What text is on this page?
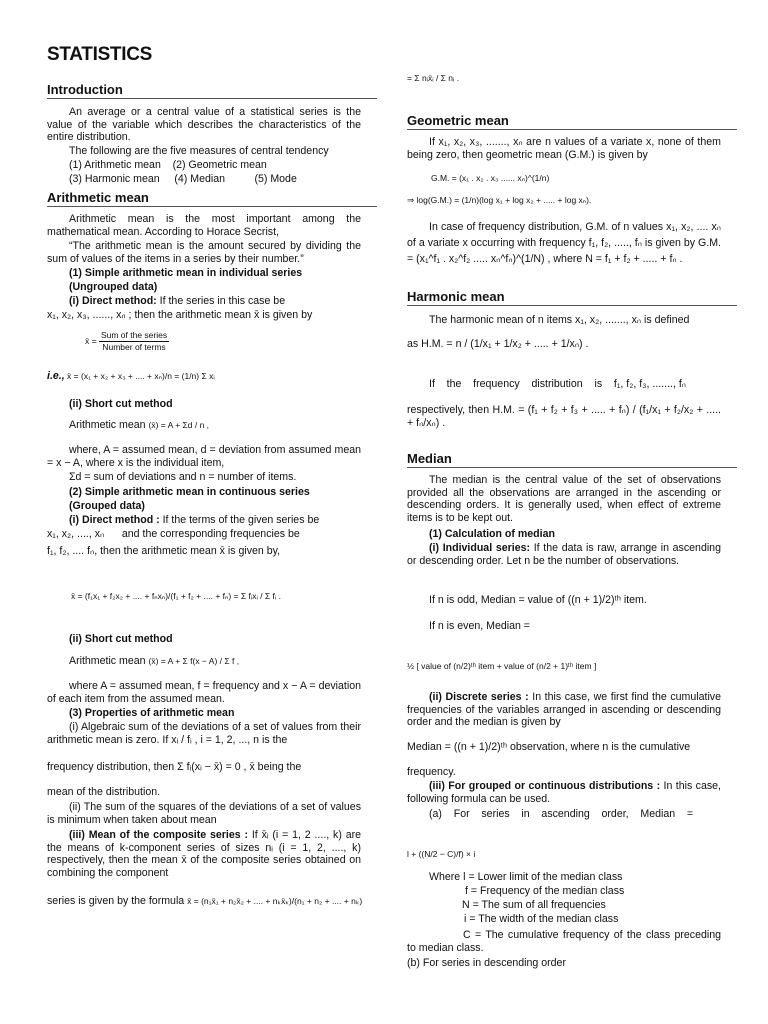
STATISTICS
Introduction
An average or a central value of a statistical series is the value of the variable which describes the characteristics of the entire distribution.
The following are the five measures of central tendency
(1) Arithmetic mean    (2) Geometric mean
(3) Harmonic mean     (4) Median          (5) Mode
Arithmetic mean
Arithmetic mean is the most important among the mathematical mean. According to Horace Secrist,
“The arithmetic mean is the amount secured by dividing the sum of values of the items in a series by their number.”
(1) Simple arithmetic mean in individual series
(Ungrouped data)
(i) Direct method: If the series in this case be
x₁, x₂, x₃, ......, xₙ ; then the arithmetic mean x̄ is given by
x̄ = $\frac{\text{Sum of the series}}{\text{Number of terms}}$
i.e., x̄ = (x₁ + x₂ + x₃ + .... + xₙ)/n = (1/n) Σ xᵢ
(ii) Short cut method
Arithmetic mean (x̄) = A + Σd / n ,
where, A = assumed mean, d = deviation from assumed mean = x − A, where x is the individual item,
Σd = sum of deviations and n = number of items.
(2) Simple arithmetic mean in continuous series
(Grouped data)
(i) Direct method : If the terms of the given series be
x₁, x₂, ...., xₙ      and the corresponding frequencies be
f₁, f₂, .... fₙ, then the arithmetic mean x̄ is given by,
x̄ = (f₁x₁ + f₂x₂ + .... + fₙxₙ)/(f₁ + f₂ + .... + fₙ) = Σ fᵢxᵢ / Σ fᵢ .
(ii) Short cut method
Arithmetic mean (x̄) = A + Σ f(x − A) / Σ f ,
where A = assumed mean, f = frequency and x − A = deviation of each item from the assumed mean.
(3) Properties of arithmetic mean
(i) Algebraic sum of the deviations of a set of values from their arithmetic mean is zero. If xᵢ / fᵢ , i = 1, 2, ..., n is the
frequency distribution, then Σ fᵢ(xᵢ − x̄) = 0 , x̄ being the
mean of the distribution.
(ii) The sum of the squares of the deviations of a set of values is minimum when taken about mean
(iii) Mean of the composite series : If x̄ᵢ (i = 1, 2 ...., k) are the means of k-component series of sizes nᵢ (i = 1, 2, ...., k) respectively, then the mean x̄ of the composite series obtained on combining the component
series is given by the formula x̄ = (n₁x̄₁ + n₂x̄₂ + .... + nₖx̄ₖ)/(n₁ + n₂ + .... + nₖ)
= Σ nᵢx̄ᵢ / Σ nᵢ .
Geometric mean
If x₁, x₂, x₃, ......., xₙ are n values of a variate x, none of them being zero, then geometric mean (G.M.) is given by
G.M. = (x₁ . x₂ . x₃ ...... xₙ)^(1/n)
⇒ log(G.M.) = (1/n)(log x₁ + log x₂ + ..... + log xₙ).
In case of frequency distribution, G.M. of n values x₁, x₂, .... xₙ of a variate x occurring with frequency f₁, f₂, ....., fₙ is given by G.M. = (x₁^f₁ . x₂^f₂ ..... xₙ^fₙ)^(1/N) , where N = f₁ + f₂ + ..... + fₙ .
Harmonic mean
The harmonic mean of n items x₁, x₂, ......., xₙ is defined
as H.M. = n / (1/x₁ + 1/x₂ + ..... + 1/xₙ) .
If    the    frequency    distribution    is    f₁, f₂, f₃, ......., fₙ
respectively, then H.M. = (f₁ + f₂ + f₃ + ..... + fₙ) / (f₁/x₁ + f₂/x₂ + ..... + fₙ/xₙ) .
Median
The median is the central value of the set of observations provided all the observations are arranged in the ascending or descending orders. It is generally used, when effect of extreme items is to be kept out.
(1) Calculation of median
(i) Individual series: If the data is raw, arrange in ascending or descending order. Let n be the number of observations.
If n is odd, Median = value of ((n + 1)/2)ᵗʰ item.
If n is even, Median =
½ [ value of (n/2)ᵗʰ item + value of (n/2 + 1)ᵗʰ item ]
(ii) Discrete series : In this case, we first find the cumulative frequencies of the variables arranged in ascending or descending order and the median is given by
Median = ((n + 1)/2)ᵗʰ observation, where n is the cumulative
frequency.
(iii) For grouped or continuous distributions : In this case, following formula can be used.
(a)    For    series    in    ascending    order,    Median    =
l + ((N/2 − C)/f) × i
Where l = Lower limit of the median class
f = Frequency of the median class
N = The sum of all frequencies
i = The width of the median class
C = The cumulative frequency of the class preceding to median class.
(b) For series in descending order
